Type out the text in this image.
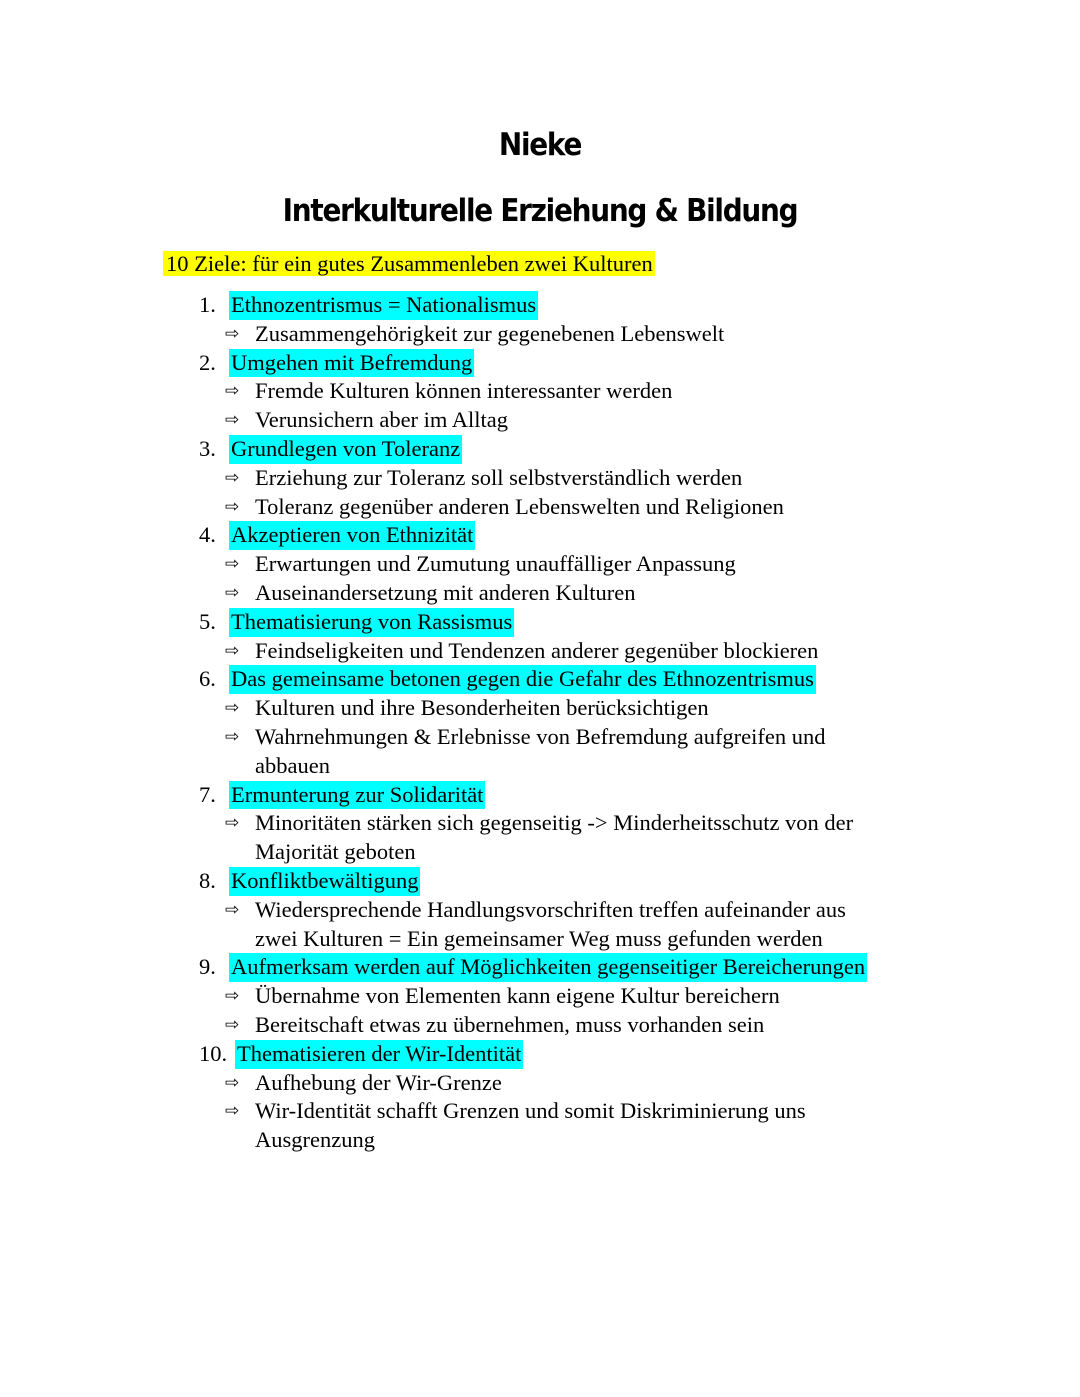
Nieke
Interkulturelle Erziehung & Bildung
10 Ziele: für ein gutes Zusammenleben zwei Kulturen
1. Ethnozentrismus = Nationalismus
⇨ Zusammengehörigkeit zur gegenebenen Lebenswelt
2. Umgehen mit Befremdung
⇨ Fremde Kulturen können interessanter werden
⇨ Verunsichern aber im Alltag
3. Grundlegen von Toleranz
⇨ Erziehung zur Toleranz soll selbstverständlich werden
⇨ Toleranz gegenüber anderen Lebenswelten und Religionen
4. Akzeptieren von Ethnizität
⇨ Erwartungen und Zumutung unauffälliger Anpassung
⇨ Auseinandersetzung mit anderen Kulturen
5. Thematisierung von Rassismus
⇨ Feindseligkeiten und Tendenzen anderer gegenüber blockieren
6. Das gemeinsame betonen gegen die Gefahr des Ethnozentrismus
⇨ Kulturen und ihre Besonderheiten berücksichtigen
⇨ Wahrnehmungen & Erlebnisse von Befremdung aufgreifen und abbauen
7. Ermunterung zur Solidarität
⇨ Minoritäten stärken sich gegenseitig -> Minderheitsschutz von der Majorität geboten
8. Konfliktbewältigung
⇨ Wiedersprechende Handlungsvorschriften treffen aufeinander aus zwei Kulturen = Ein gemeinsamer Weg muss gefunden werden
9. Aufmerksam werden auf Möglichkeiten gegenseitiger Bereicherungen
⇨ Übernahme von Elementen kann eigene Kultur bereichern
⇨ Bereitschaft etwas zu übernehmen, muss vorhanden sein
10. Thematisieren der Wir-Identität
⇨ Aufhebung der Wir-Grenze
⇨ Wir-Identität schafft Grenzen und somit Diskriminierung uns Ausgrenzung
